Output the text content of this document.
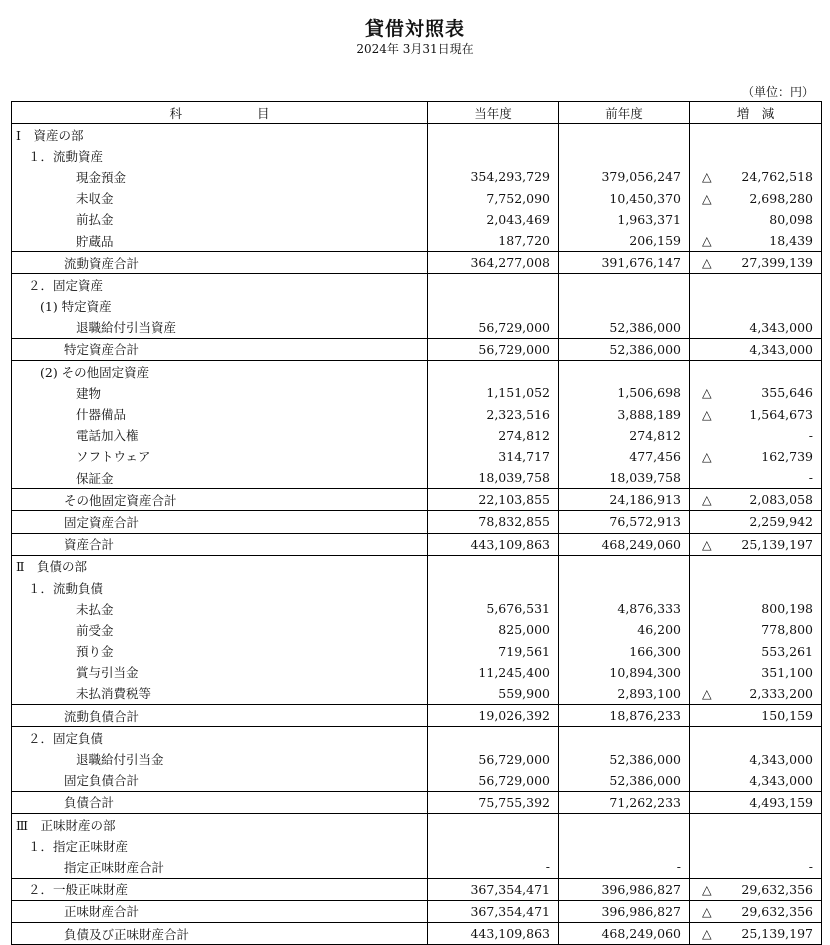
貸借対照表
2024年 3月31日現在
（単位：円）
科　　　　　　目	当年度	前年度	増　減
Ⅰ　資産の部			
１．流動資産			
現金預金	354,293,729	379,056,247	△ 24,762,518
未収金	7,752,090	10,450,370	△ 2,698,280
前払金	2,043,469	1,963,371	80,098
貯蔵品	187,720	206,159	△ 18,439
流動資産合計	364,277,008	391,676,147	△ 27,399,139
２．固定資産			
(1) 特定資産			
退職給付引当資産	56,729,000	52,386,000	4,343,000
特定資産合計	56,729,000	52,386,000	4,343,000
(2) その他固定資産			
建物	1,151,052	1,506,698	△ 355,646
什器備品	2,323,516	3,888,189	△ 1,564,673
電話加入権	274,812	274,812	-
ソフトウェア	314,717	477,456	△ 162,739
保証金	18,039,758	18,039,758	-
その他固定資産合計	22,103,855	24,186,913	△ 2,083,058
固定資産合計	78,832,855	76,572,913	2,259,942
資産合計	443,109,863	468,249,060	△ 25,139,197
Ⅱ　負債の部			
１．流動負債			
未払金	5,676,531	4,876,333	800,198
前受金	825,000	46,200	778,800
預り金	719,561	166,300	553,261
賞与引当金	11,245,400	10,894,300	351,100
未払消費税等	559,900	2,893,100	△ 2,333,200
流動負債合計	19,026,392	18,876,233	150,159
２．固定負債			
退職給付引当金	56,729,000	52,386,000	4,343,000
固定負債合計	56,729,000	52,386,000	4,343,000
負債合計	75,755,392	71,262,233	4,493,159
Ⅲ　正味財産の部			
１．指定正味財産			
指定正味財産合計	-	-	-
２．一般正味財産	367,354,471	396,986,827	△ 29,632,356
正味財産合計	367,354,471	396,986,827	△ 29,632,356
負債及び正味財産合計	443,109,863	468,249,060	△ 25,139,197
